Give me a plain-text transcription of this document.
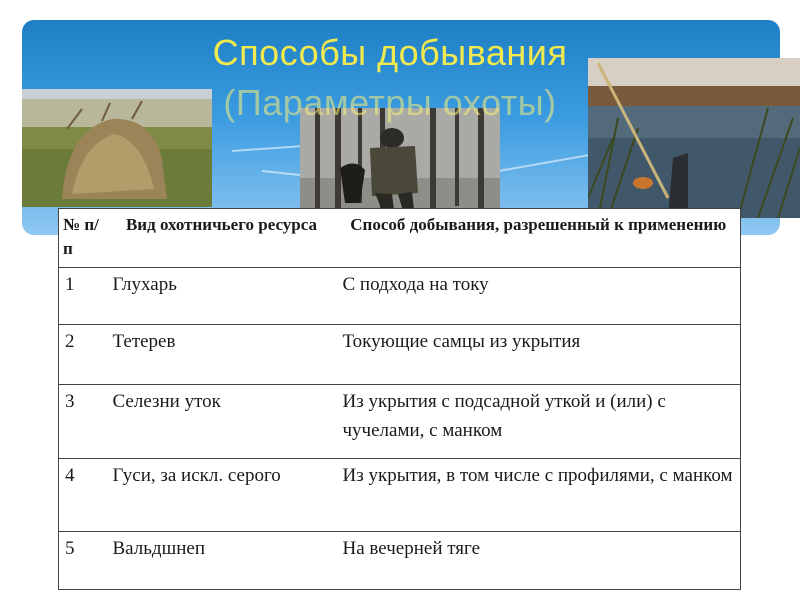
Способы добывания
(Параметры охоты)
№ п/п	Вид охотничьего ресурса	Способ добывания, разрешенный к применению
1	Глухарь	С подхода на току
2	Тетерев	Токующие самцы из укрытия
3	Селезни уток	Из укрытия с подсадной уткой и (или) с чучелами, с манком
4	Гуси, за искл. серого	Из укрытия, в том числе с профилями, с манком
5	Вальдшнеп	На вечерней тяге
